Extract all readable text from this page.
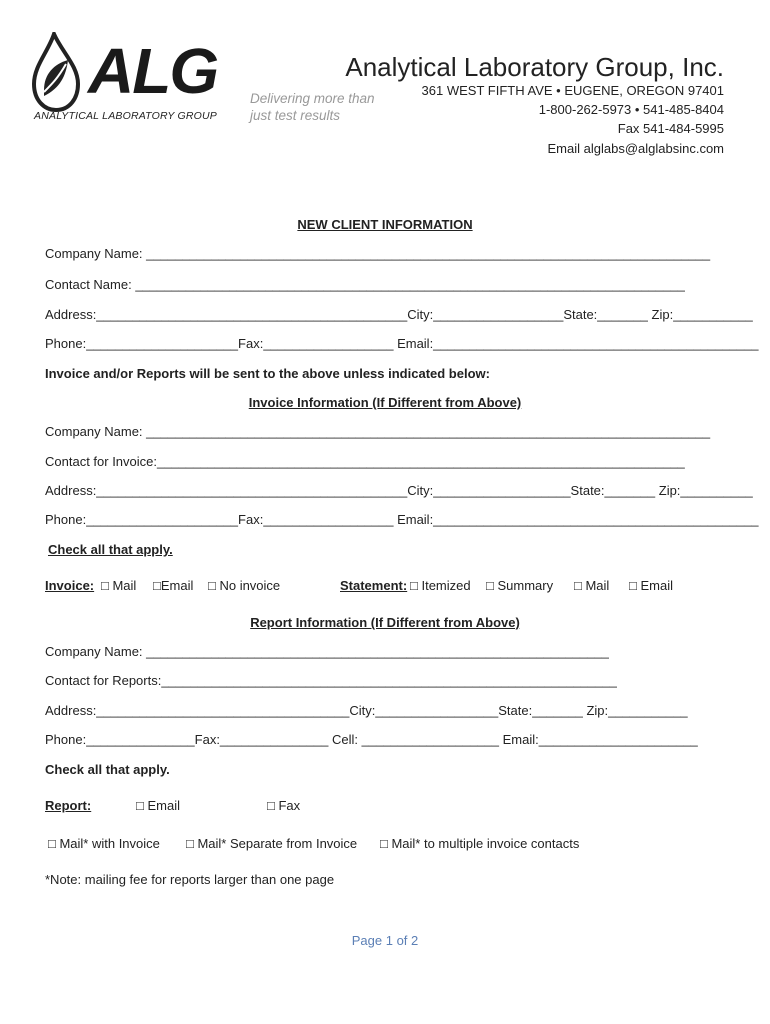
ALG
ANALYTICAL LABORATORY GROUP
Delivering more than
just test results
Analytical Laboratory Group, Inc.
361 WEST FIFTH AVE • EUGENE, OREGON 97401
1-800-262-5973 • 541-485-8404
Fax 541-484-5995
Email alglabs@alglabsinc.com
NEW CLIENT INFORMATION
Company Name: ______________________________________________________________________________
Contact Name: ____________________________________________________________________________
Address:___________________________________________City:__________________State:_______ Zip:___________
Phone:_____________________Fax:__________________ Email:_____________________________________________
Invoice and/or Reports will be sent to the above unless indicated below:
Invoice Information (If Different from Above)
Company Name: ______________________________________________________________________________
Contact for Invoice:_________________________________________________________________________
Address:___________________________________________City:___________________State:_______ Zip:__________
Phone:_____________________Fax:__________________ Email:_____________________________________________
Check all that apply.
Invoice: □ Mail □Email □ No invoice	Statement: □ Itemized □ Summary □ Mail □ Email
Report Information (If Different from Above)
Company Name: ________________________________________________________________
Contact for Reports:_______________________________________________________________
Address:___________________________________City:_________________State:_______ Zip:___________
Phone:_______________Fax:_______________ Cell: ___________________ Email:______________________
Check all that apply.
Report:	□ Email	□ Fax
□ Mail* with Invoice □ Mail* Separate from Invoice □ Mail* to multiple invoice contacts
*Note: mailing fee for reports larger than one page
Page 1 of 2
